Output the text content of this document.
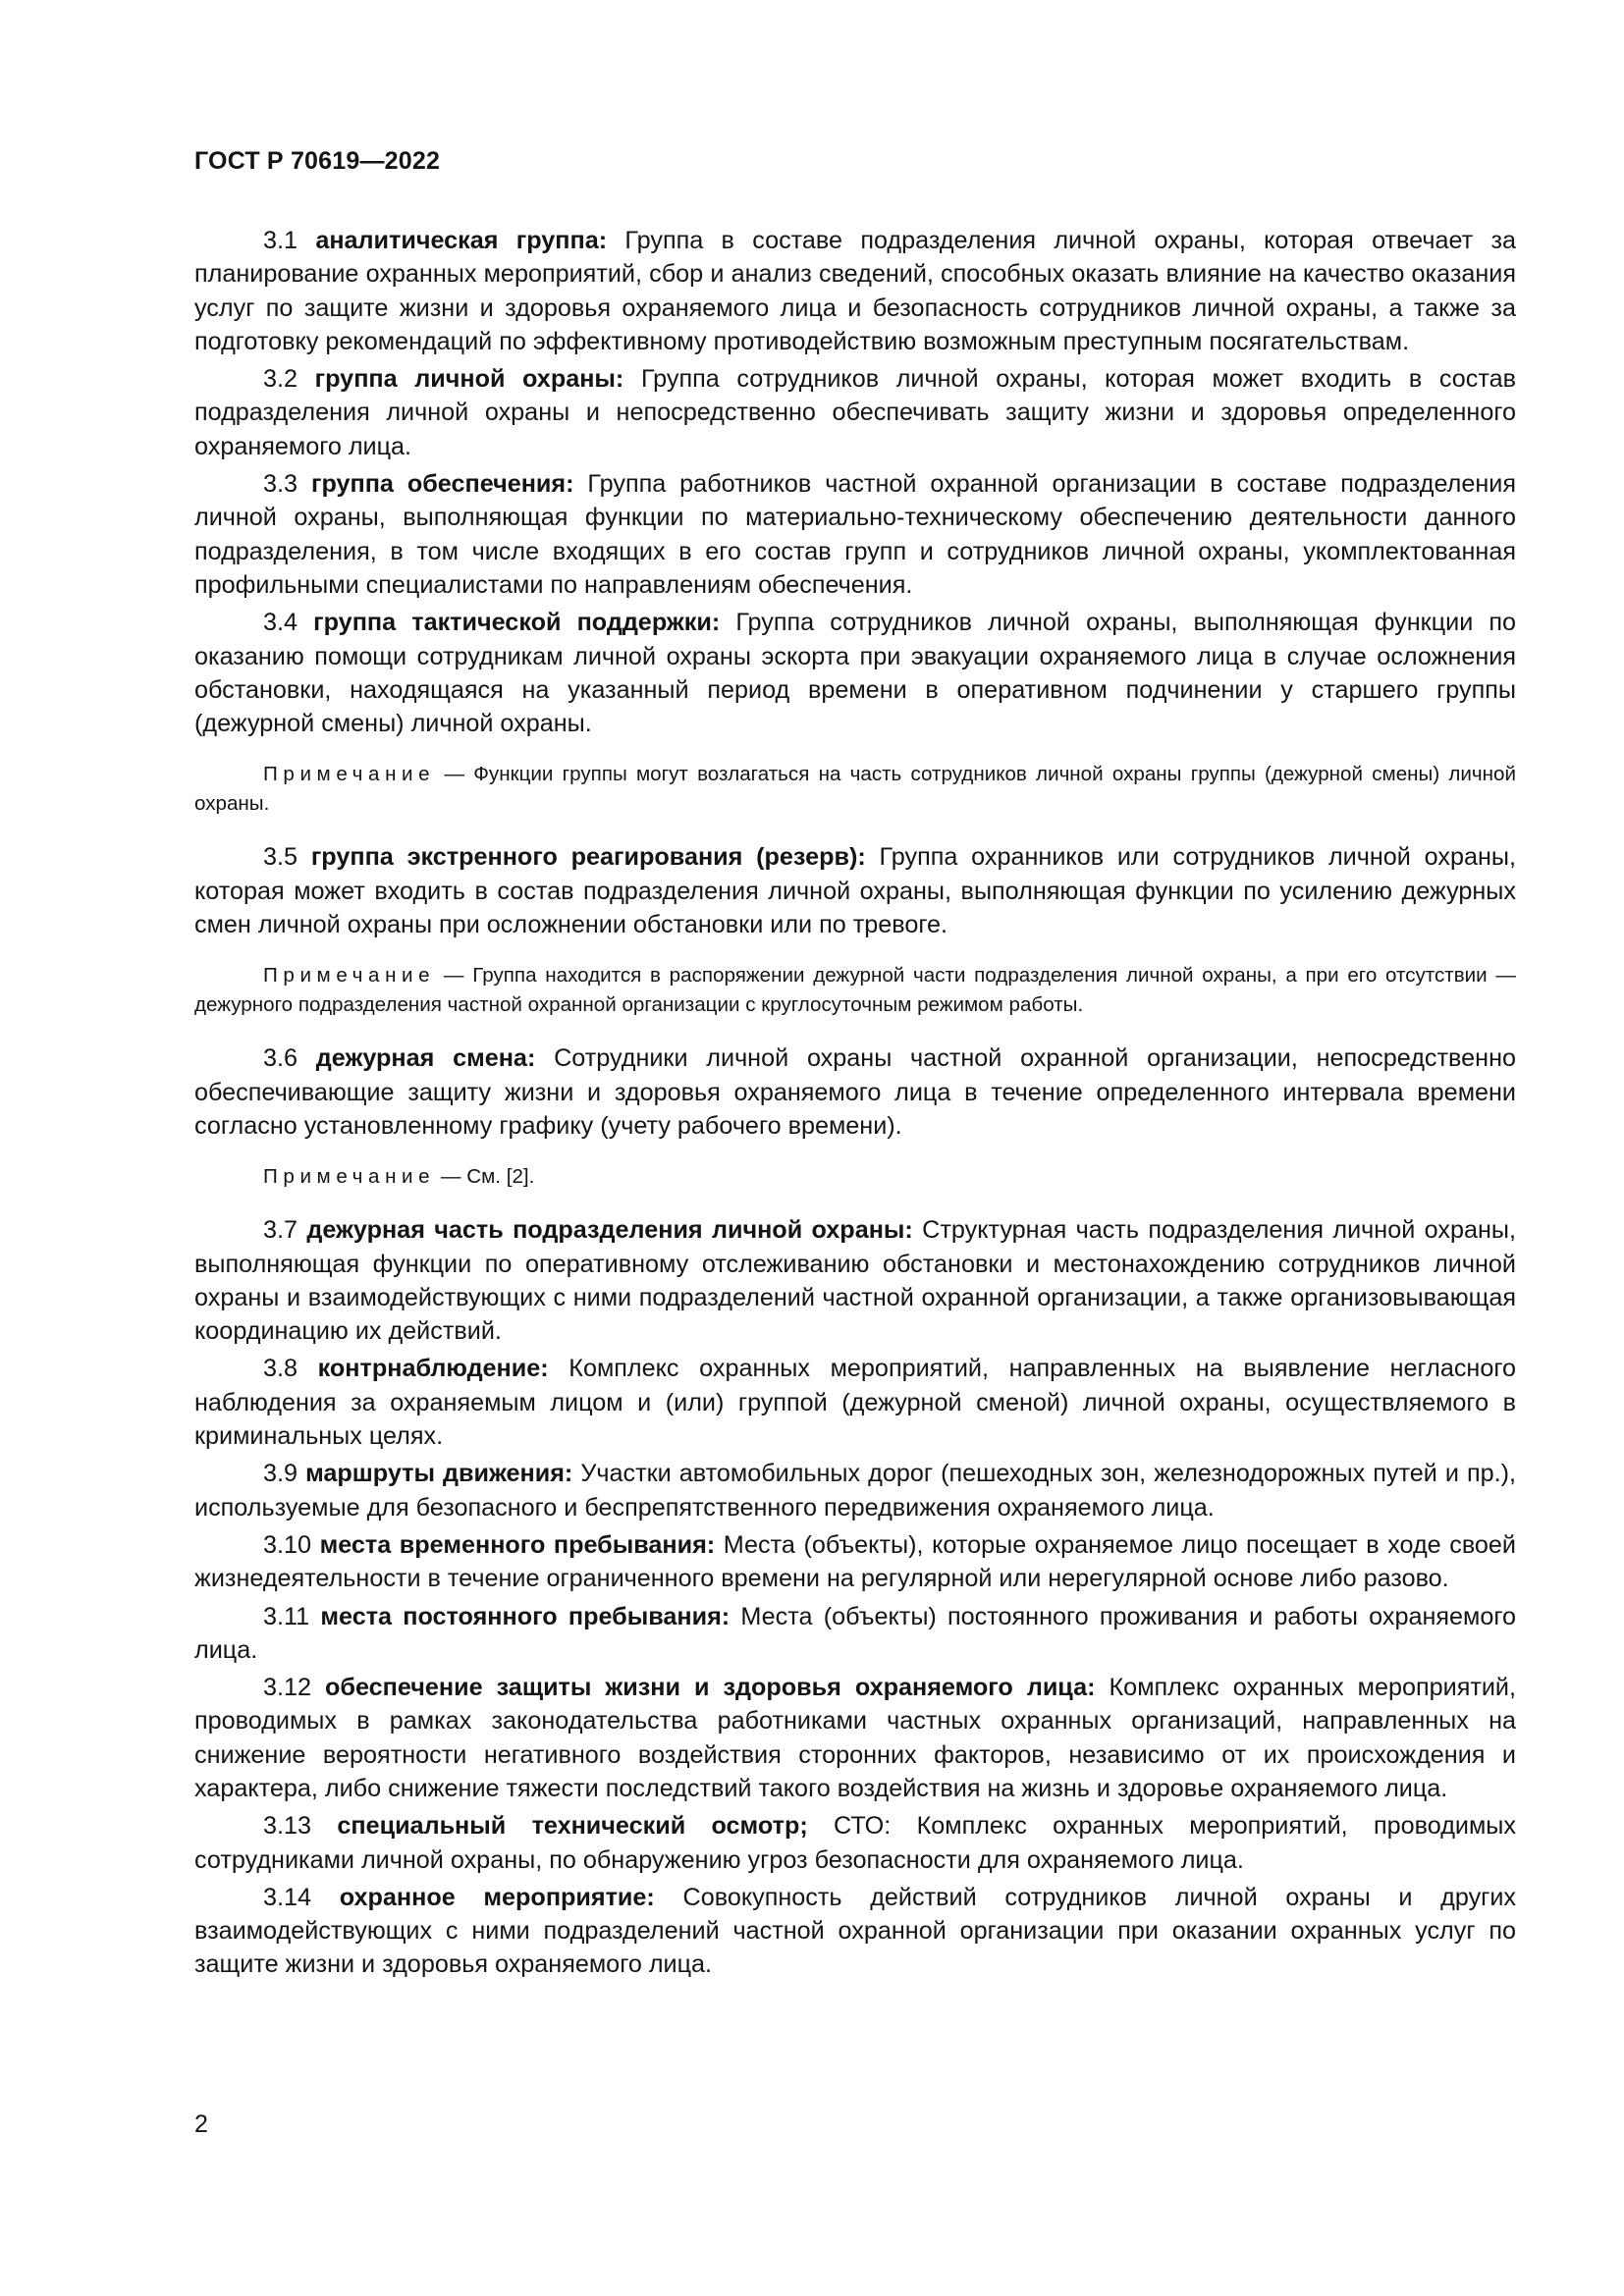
ГОСТ Р 70619—2022

3.1 аналитическая группа: Группа в составе подразделения личной охраны, которая отвечает за планирование охранных мероприятий, сбор и анализ сведений, способных оказать влияние на качество оказания услуг по защите жизни и здоровья охраняемого лица и безопасность сотрудников личной охраны, а также за подготовку рекомендаций по эффективному противодействию возможным преступным посягательствам.

3.2 группа личной охраны: Группа сотрудников личной охраны, которая может входить в состав подразделения личной охраны и непосредственно обеспечивать защиту жизни и здоровья определенного охраняемого лица.

3.3 группа обеспечения: Группа работников частной охранной организации в составе подразделения личной охраны, выполняющая функции по материально-техническому обеспечению деятельности данного подразделения, в том числе входящих в его состав групп и сотрудников личной охраны, укомплектованная профильными специалистами по направлениям обеспечения.

3.4 группа тактической поддержки: Группа сотрудников личной охраны, выполняющая функции по оказанию помощи сотрудникам личной охраны эскорта при эвакуации охраняемого лица в случае осложнения обстановки, находящаяся на указанный период времени в оперативном подчинении у старшего группы (дежурной смены) личной охраны.

Примечание — Функции группы могут возлагаться на часть сотрудников личной охраны группы (дежурной смены) личной охраны.

3.5 группа экстренного реагирования (резерв): Группа охранников или сотрудников личной охраны, которая может входить в состав подразделения личной охраны, выполняющая функции по усилению дежурных смен личной охраны при осложнении обстановки или по тревоге.

Примечание — Группа находится в распоряжении дежурной части подразделения личной охраны, а при его отсутствии — дежурного подразделения частной охранной организации с круглосуточным режимом работы.

3.6 дежурная смена: Сотрудники личной охраны частной охранной организации, непосредственно обеспечивающие защиту жизни и здоровья охраняемого лица в течение определенного интервала времени согласно установленному графику (учету рабочего времени).

Примечание — См. [2].

3.7 дежурная часть подразделения личной охраны: Структурная часть подразделения личной охраны, выполняющая функции по оперативному отслеживанию обстановки и местонахождению сотрудников личной охраны и взаимодействующих с ними подразделений частной охранной организации, а также организовывающая координацию их действий.

3.8 контрнаблюдение: Комплекс охранных мероприятий, направленных на выявление негласного наблюдения за охраняемым лицом и (или) группой (дежурной сменой) личной охраны, осуществляемого в криминальных целях.

3.9 маршруты движения: Участки автомобильных дорог (пешеходных зон, железнодорожных путей и пр.), используемые для безопасного и беспрепятственного передвижения охраняемого лица.

3.10 места временного пребывания: Места (объекты), которые охраняемое лицо посещает в ходе своей жизнедеятельности в течение ограниченного времени на регулярной или нерегулярной основе либо разово.

3.11 места постоянного пребывания: Места (объекты) постоянного проживания и работы охраняемого лица.

3.12 обеспечение защиты жизни и здоровья охраняемого лица: Комплекс охранных мероприятий, проводимых в рамках законодательства работниками частных охранных организаций, направленных на снижение вероятности негативного воздействия сторонних факторов, независимо от их происхождения и характера, либо снижение тяжести последствий такого воздействия на жизнь и здоровье охраняемого лица.

3.13 специальный технический осмотр; СТО: Комплекс охранных мероприятий, проводимых сотрудниками личной охраны, по обнаружению угроз безопасности для охраняемого лица.

3.14 охранное мероприятие: Совокупность действий сотрудников личной охраны и других взаимодействующих с ними подразделений частной охранной организации при оказании охранных услуг по защите жизни и здоровья охраняемого лица.

2
